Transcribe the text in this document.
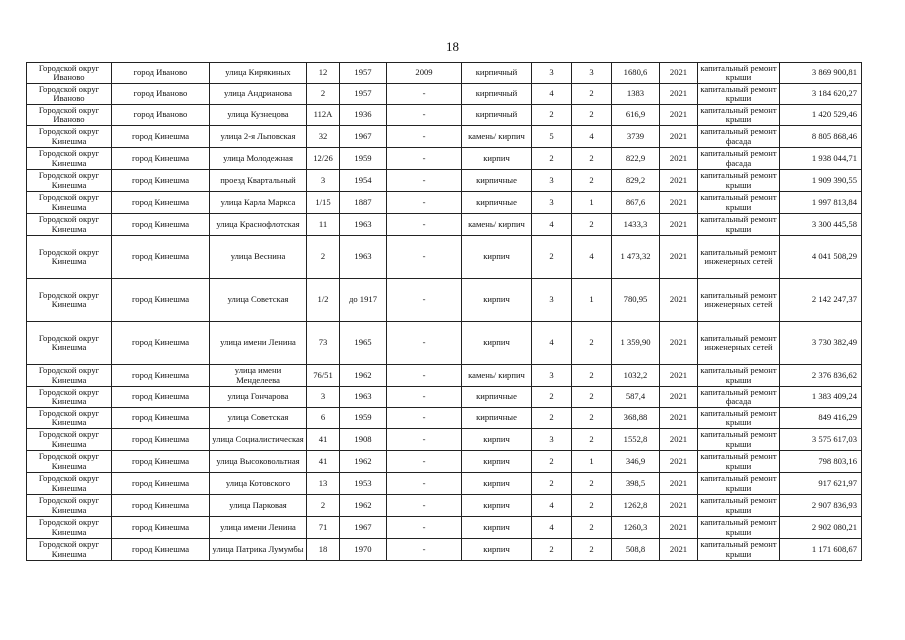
18
Городской округ Иваново	город Иваново	улица Кирякиных	12	1957	2009	кирпичный	3	3	1680,6	2021	капитальный ремонт крыши	3 869 900,81
Городской округ Иваново	город Иваново	улица Андрианова	2	1957	-	кирпичный	4	2	1383	2021	капитальный ремонт крыши	3 184 620,27
Городской округ Иваново	город Иваново	улица Кузнецова	112А	1936	-	кирпичный	2	2	616,9	2021	капитальный ремонт крыши	1 420 529,46
Городской округ Кинешма	город Кинешма	улица 2-я Льповская	32	1967	-	камень/ кирпич	5	4	3739	2021	капитальный ремонт фасада	8 805 868,46
Городской округ Кинешма	город Кинешма	улица Молодежная	12/26	1959	-	кирпич	2	2	822,9	2021	капитальный ремонт фасада	1 938 044,71
Городской округ Кинешма	город Кинешма	проезд Квартальный	3	1954	-	кирпичные	3	2	829,2	2021	капитальный ремонт крыши	1 909 390,55
Городской округ Кинешма	город Кинешма	улица Карла Маркса	1/15	1887	-	кирпичные	3	1	867,6	2021	капитальный ремонт крыши	1 997 813,84
Городской округ Кинешма	город Кинешма	улица Краснофлотская	11	1963	-	камень/ кирпич	4	2	1433,3	2021	капитальный ремонт крыши	3 300 445,58
Городской округ Кинешма	город Кинешма	улица Веснина	2	1963	-	кирпич	2	4	1 473,32	2021	капитальный ремонт инженерных сетей	4 041 508,29
Городской округ Кинешма	город Кинешма	улица Советская	1/2	до 1917	-	кирпич	3	1	780,95	2021	капитальный ремонт инженерных сетей	2 142 247,37
Городской округ Кинешма	город Кинешма	улица имени Ленина	73	1965	-	кирпич	4	2	1 359,90	2021	капитальный ремонт инженерных сетей	3 730 382,49
Городской округ Кинешма	город Кинешма	улица имени Менделеева	76/51	1962	-	камень/ кирпич	3	2	1032,2	2021	капитальный ремонт крыши	2 376 836,62
Городской округ Кинешма	город Кинешма	улица Гончарова	3	1963	-	кирпичные	2	2	587,4	2021	капитальный ремонт фасада	1 383 409,24
Городской округ Кинешма	город Кинешма	улица Советская	6	1959	-	кирпичные	2	2	368,88	2021	капитальный ремонт крыши	849 416,29
Городской округ Кинешма	город Кинешма	улица Социалистическая	41	1908	-	кирпич	3	2	1552,8	2021	капитальный ремонт крыши	3 575 617,03
Городской округ Кинешма	город Кинешма	улица Высоковольтная	41	1962	-	кирпич	2	1	346,9	2021	капитальный ремонт крыши	798 803,16
Городской округ Кинешма	город Кинешма	улица Котовского	13	1953	-	кирпич	2	2	398,5	2021	капитальный ремонт крыши	917 621,97
Городской округ Кинешма	город Кинешма	улица Парковая	2	1962	-	кирпич	4	2	1262,8	2021	капитальный ремонт крыши	2 907 836,93
Городской округ Кинешма	город Кинешма	улица имени Ленина	71	1967	-	кирпич	4	2	1260,3	2021	капитальный ремонт крыши	2 902 080,21
Городской округ Кинешма	город Кинешма	улица Патрика Лумумбы	18	1970	-	кирпич	2	2	508,8	2021	капитальный ремонт крыши	1 171 608,67
